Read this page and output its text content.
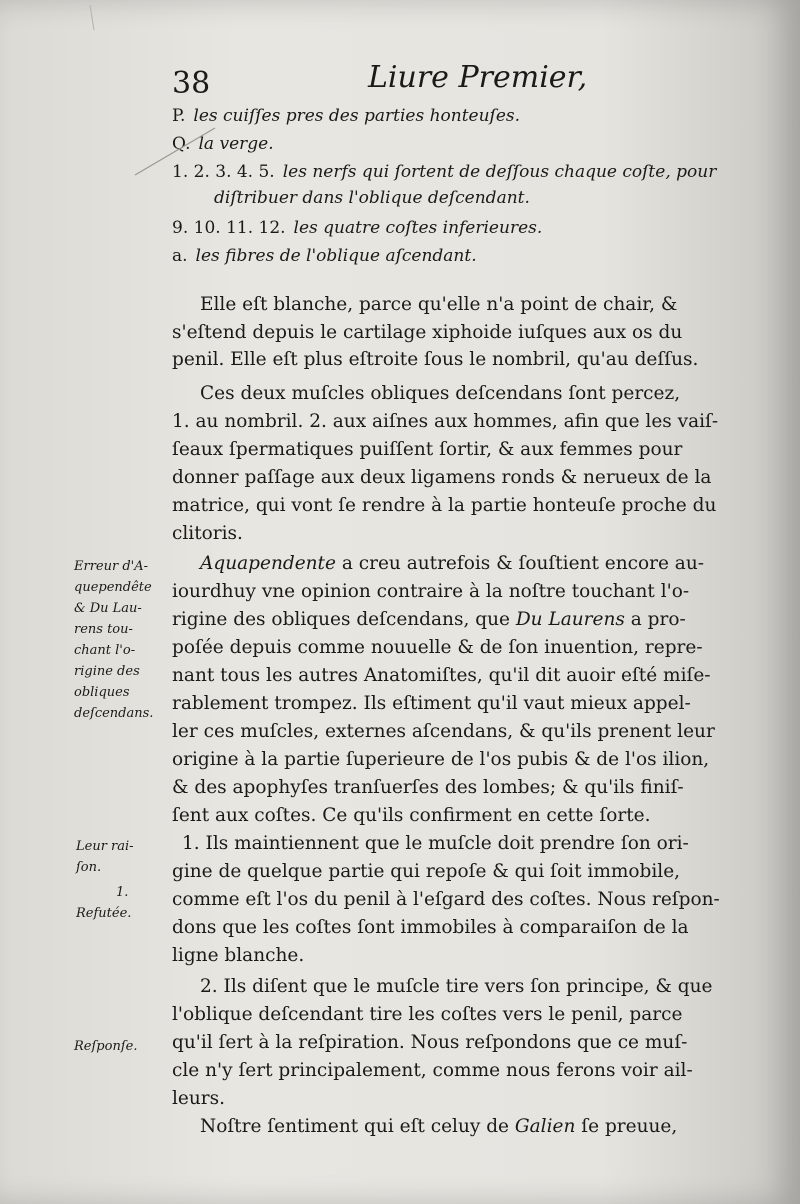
38	Liure Premier,
P. les cuiſſes pres des parties honteuſes.
Q. la verge.
1. 2. 3. 4. 5. les nerfs qui ſortent de deſſous chaque coſte, pour
diſtribuer dans l'oblique deſcendant.
9. 10. 11. 12. les quatre coſtes inferieures.
a. les fibres de l'oblique aſcendant.
Elle eſt blanche, parce qu'elle n'a point de chair, &
s'eſtend depuis le cartilage xiphoide iuſques aux os du
penil. Elle eſt plus eſtroite ſous le nombril, qu'au deſſus.
Ces deux muſcles obliques deſcendans ſont percez,
1. au nombril. 2. aux aiſnes aux hommes, afin que les vaiſ-
ſeaux ſpermatiques puiſſent ſortir, & aux femmes pour
donner paſſage aux deux ligamens ronds & nerueux de la
matrice, qui vont ſe rendre à la partie honteuſe proche du
clitoris.
Aquapendente a creu autrefois & ſouſtient encore au-
iourdhuy vne opinion contraire à la noſtre touchant l'o-
rigine des obliques deſcendans, que Du Laurens a pro-
poſée depuis comme nouuelle & de ſon inuention, repre-
nant tous les autres Anatomiſtes, qu'il dit auoir eſté miſe-
rablement trompez. Ils eſtiment qu'il vaut mieux appel-
ler ces muſcles, externes aſcendans, & qu'ils prenent leur
origine à la partie ſuperieure de l'os pubis & de l'os ilion,
& des apophyſes tranſuerſes des lombes; & qu'ils finiſ-
ſent aux coſtes. Ce qu'ils confirment en cette ſorte.
1. Ils maintiennent que le muſcle doit prendre ſon ori-
gine de quelque partie qui repoſe & qui ſoit immobile,
comme eſt l'os du penil à l'eſgard des coſtes. Nous reſpon-
dons que les coſtes ſont immobiles à comparaiſon de la
ligne blanche.
2. Ils diſent que le muſcle tire vers ſon principe, & que
l'oblique deſcendant tire les coſtes vers le penil, parce
qu'il ſert à la reſpiration. Nous reſpondons que ce muſ-
cle n'y ſert principalement, comme nous ferons voir ail-
leurs.
Noſtre ſentiment qui eſt celuy de Galien ſe preuue,
Erreur d'A-
quependête
& Du Lau-
rens tou-
chant l'o-
rigine des
obliques
deſcendans.
Leur rai-
ſon.
1.
Refutée.
Reſponſe.
